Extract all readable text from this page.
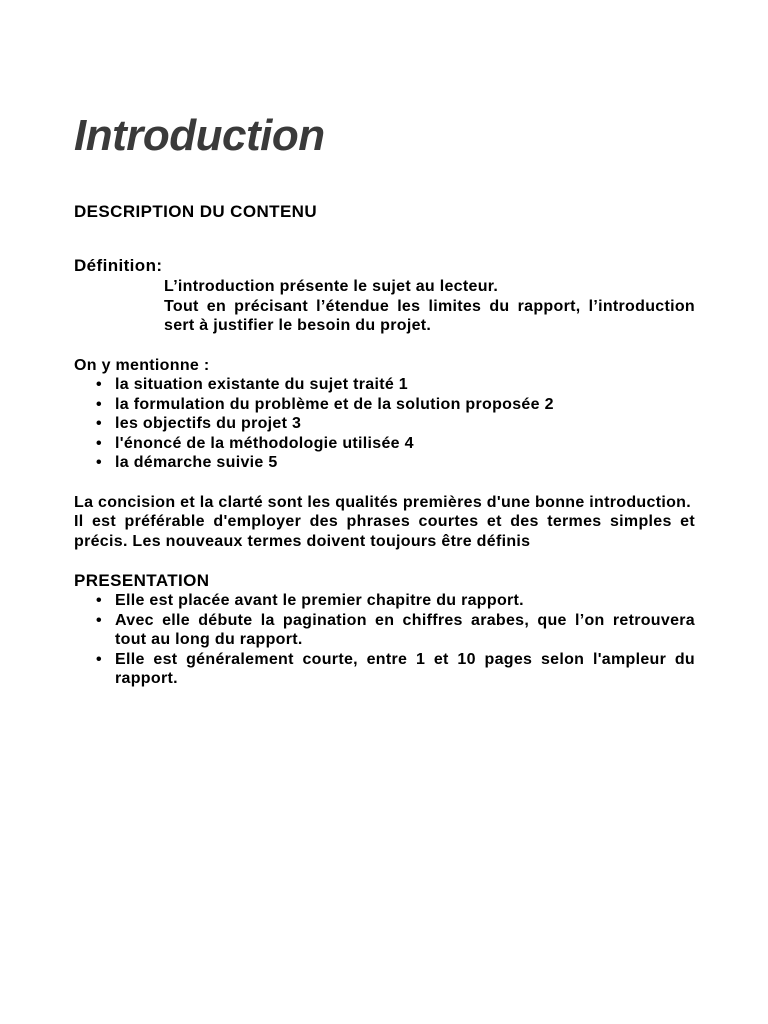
Introduction

DESCRIPTION DU CONTENU

Définition:

L’introduction présente le sujet au lecteur.

Tout en précisant l’étendue les limites du rapport, l’introduction sert à justifier le besoin du projet.

On y mentionne :

• la situation existante du sujet traité 1
• la formulation du problème et de la solution proposée 2
• les objectifs du projet 3
• l'énoncé de la méthodologie utilisée 4
• la démarche suivie 5

La concision et la clarté sont les qualités premières d'une bonne introduction.

Il est préférable d'employer des phrases courtes et des termes simples et précis. Les nouveaux termes doivent toujours être définis

PRESENTATION

• Elle est placée avant le premier chapitre du rapport.
• Avec elle débute la pagination en chiffres arabes, que l’on retrouvera tout au long du rapport.
• Elle est généralement courte, entre 1 et 10 pages selon l'ampleur du rapport.
